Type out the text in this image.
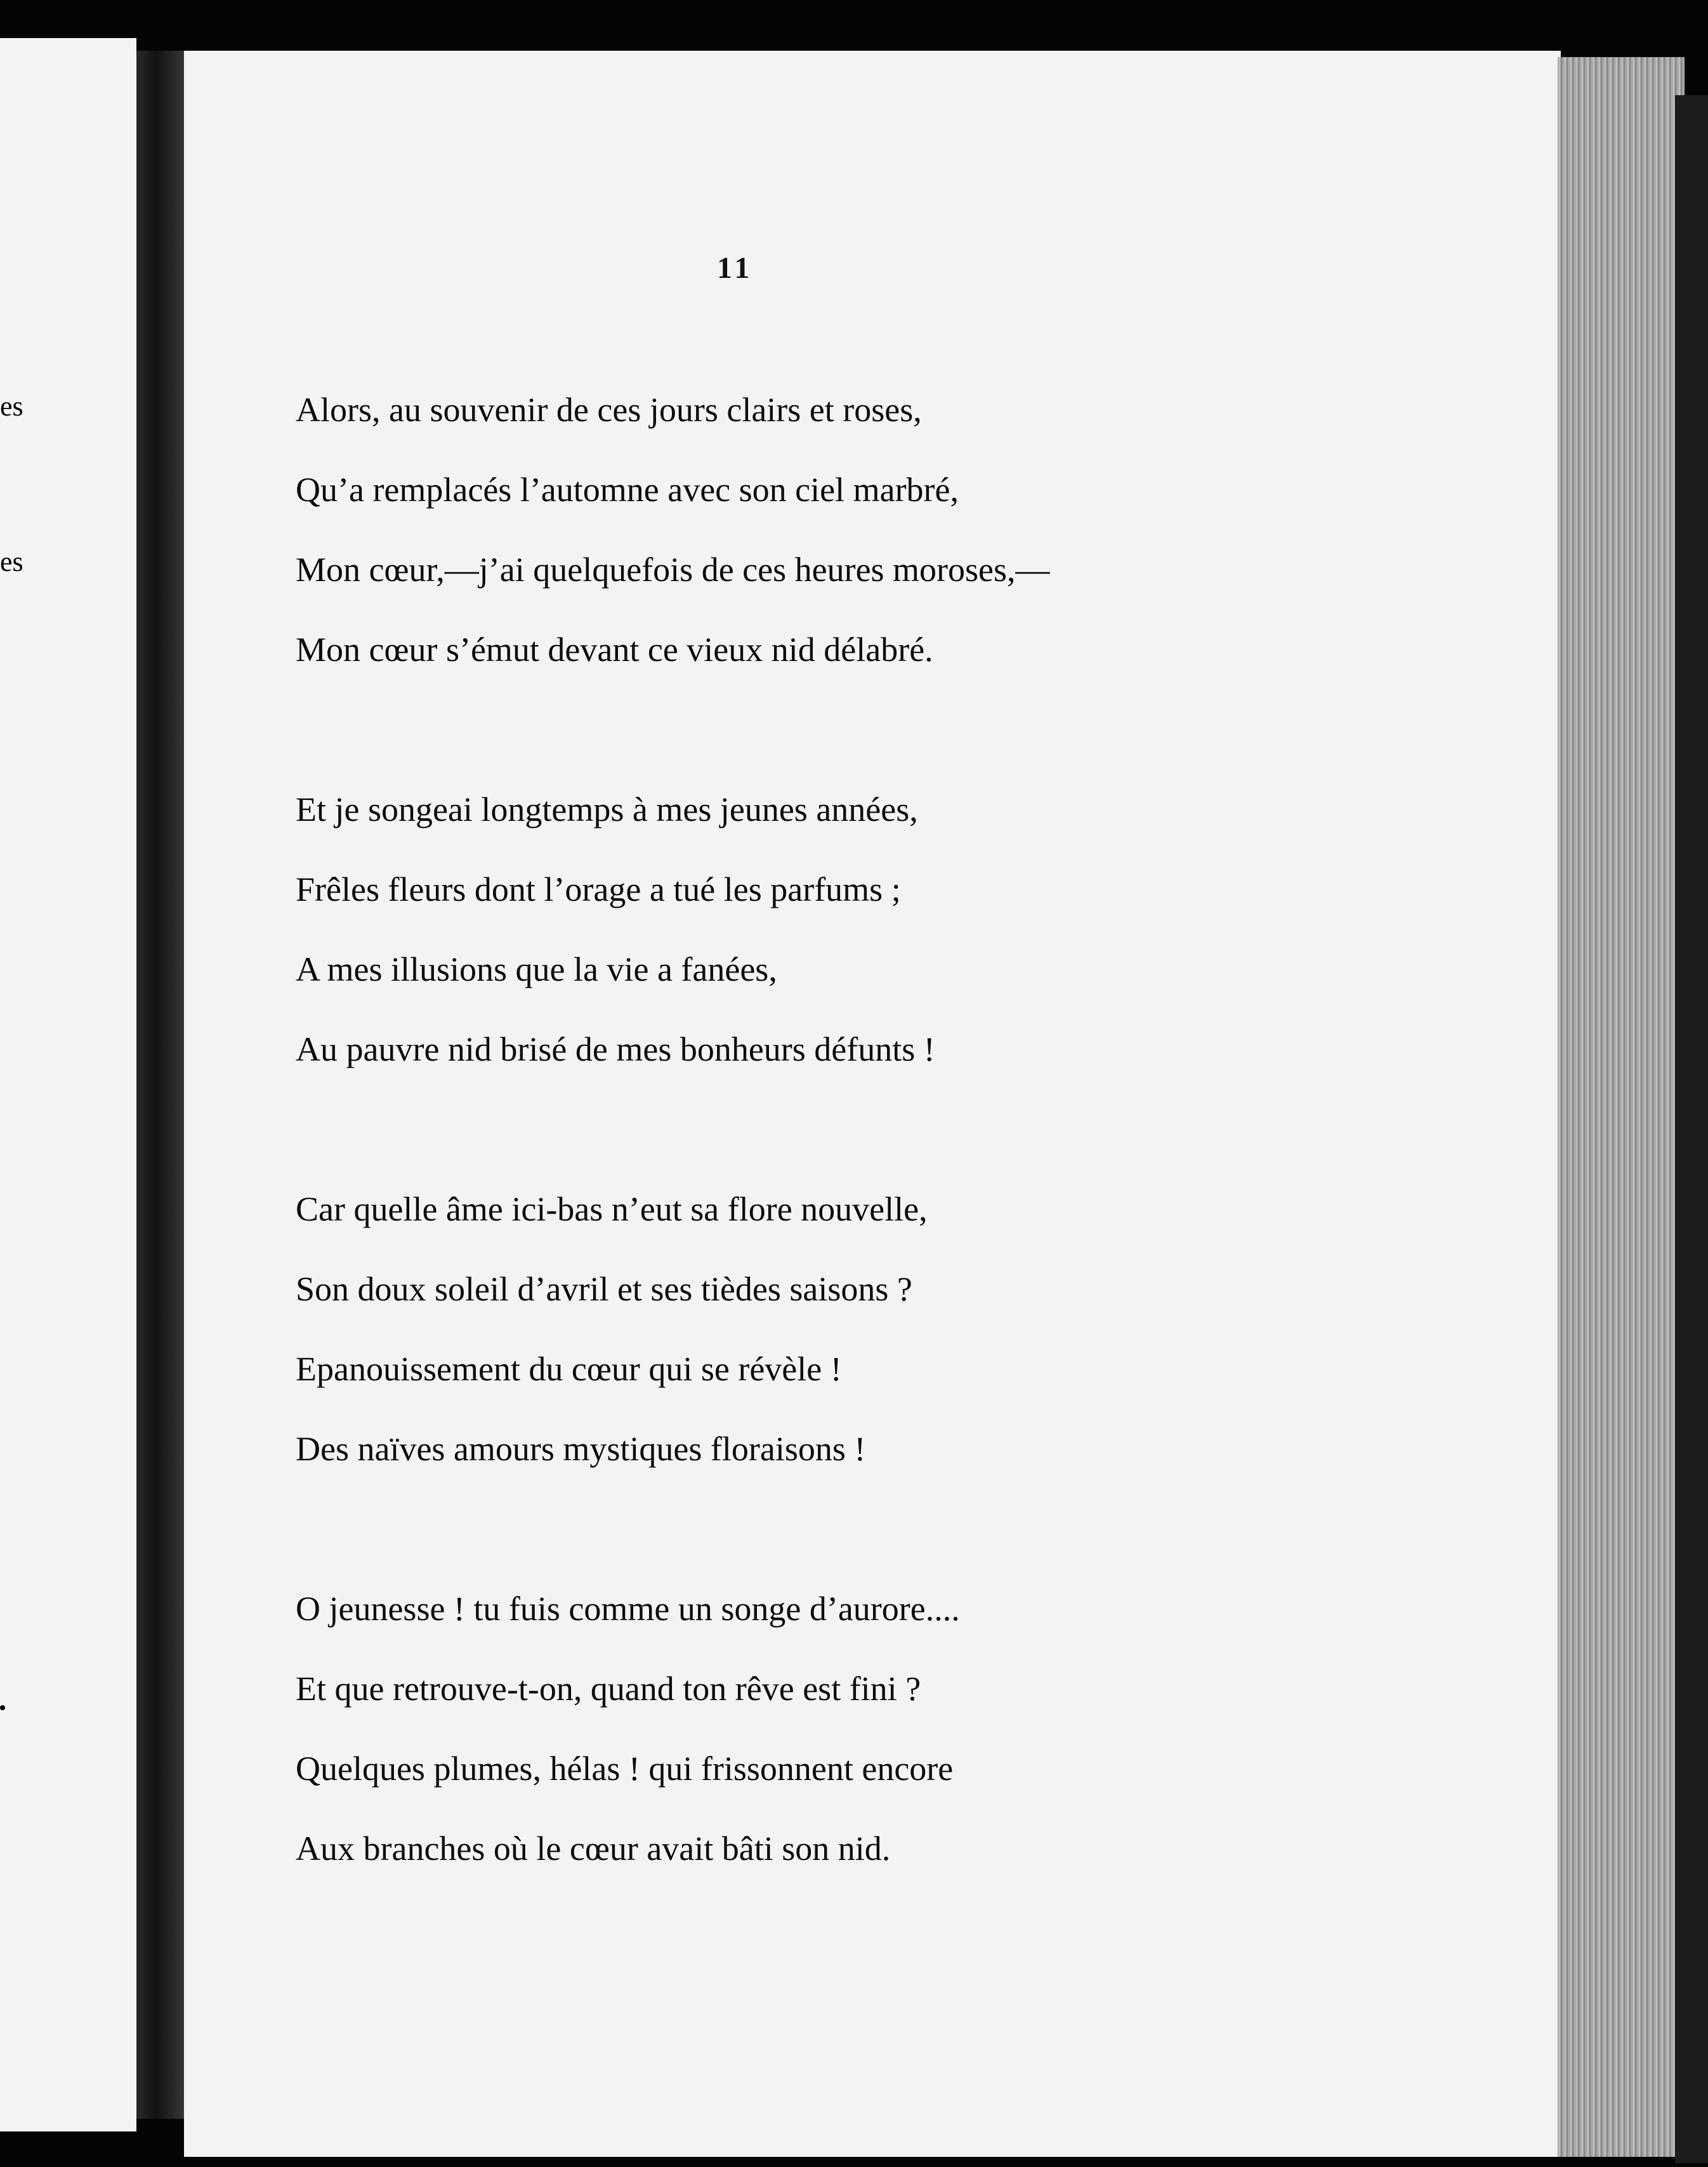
es
es
11
Alors, au souvenir de ces jours clairs et roses,
Qu’a remplacés l’automne avec son ciel marbré,
Mon cœur,—j’ai quelquefois de ces heures moroses,—
Mon cœur s’émut devant ce vieux nid délabré.
Et je songeai longtemps à mes jeunes années,
Frêles fleurs dont l’orage a tué les parfums ;
A mes illusions que la vie a fanées,
Au pauvre nid brisé de mes bonheurs défunts !
Car quelle âme ici-bas n’eut sa flore nouvelle,
Son doux soleil d’avril et ses tièdes saisons ?
Epanouissement du cœur qui se révèle !
Des naïves amours mystiques floraisons !
O jeunesse ! tu fuis comme un songe d’aurore....
Et que retrouve-t-on, quand ton rêve est fini ?
Quelques plumes, hélas ! qui frissonnent encore
Aux branches où le cœur avait bâti son nid.
